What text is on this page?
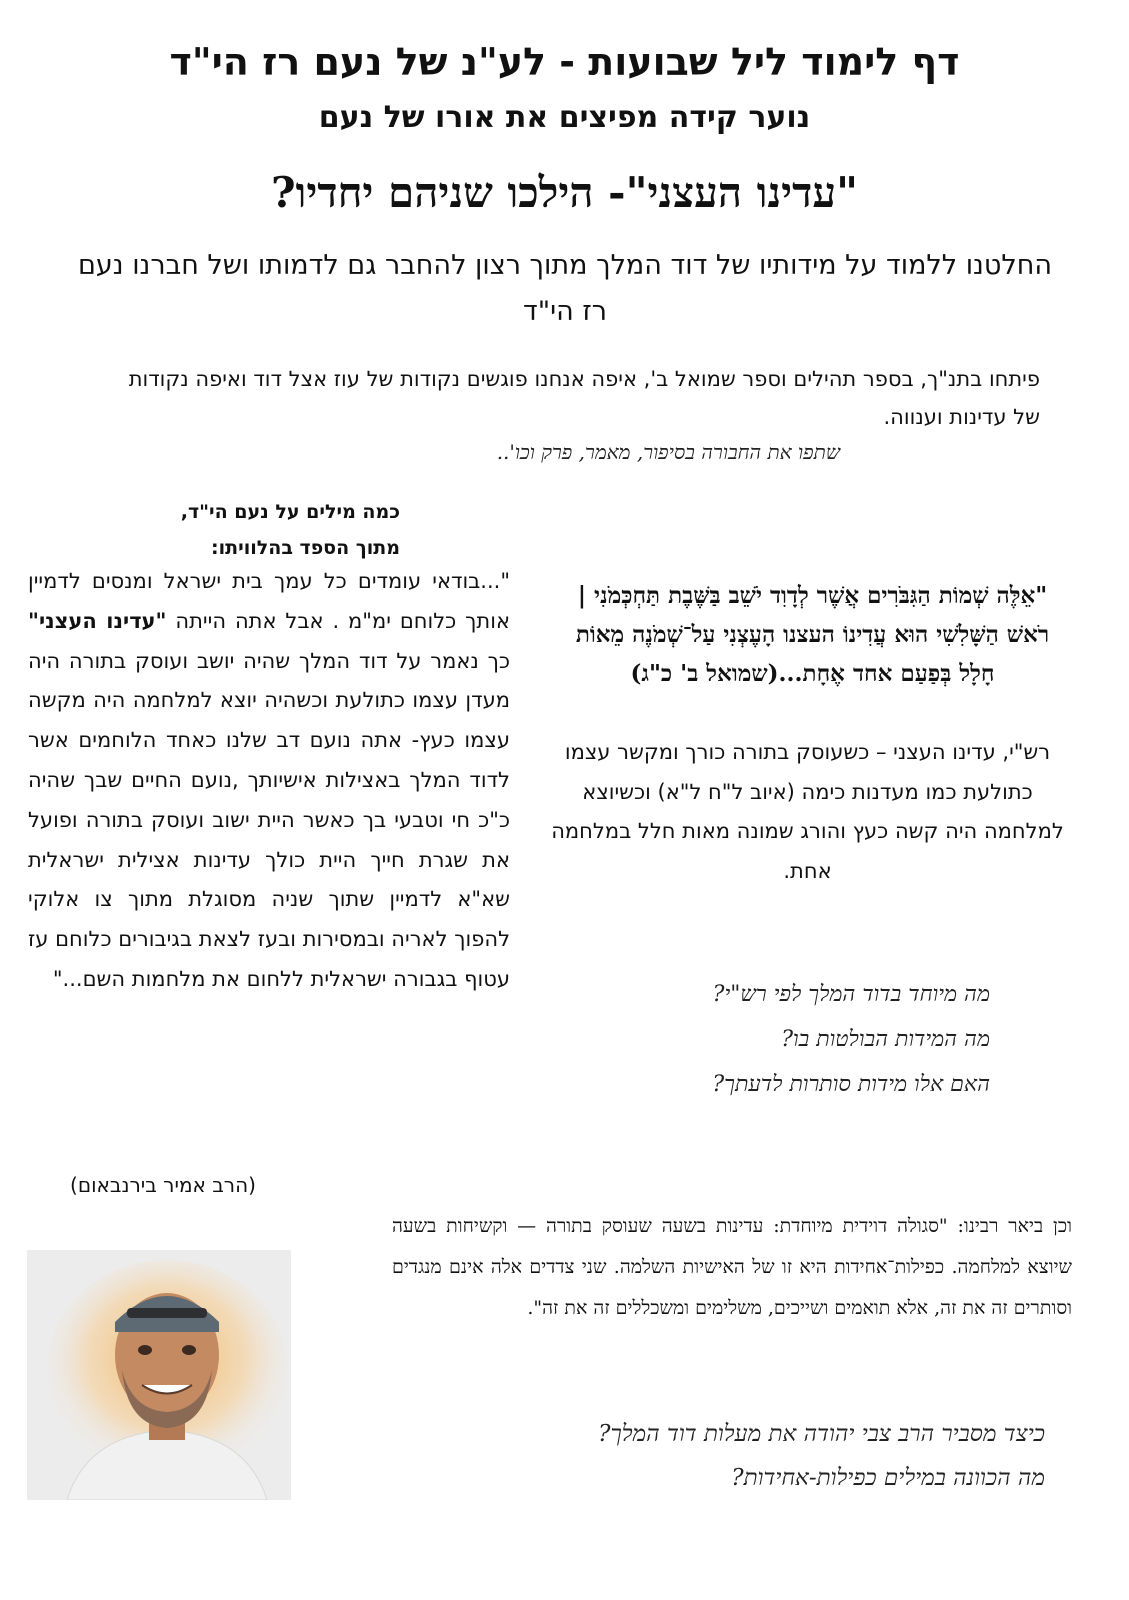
דף לימוד ליל שבועות - לע"נ של נעם רז הי"ד
נוער קידה מפיצים את אורו של נעם
"עדינו העצני"- הילכו שניהם יחדיו?
החלטנו ללמוד על מידותיו של דוד המלך מתוך רצון להחבר גם לדמותו ושל חברנו נעם רז הי"ד
פיתחו בתנ"ך, בספר תהילים וספר שמואל ב', איפה אנחנו פוגשים נקודות של עוז אצל דוד ואיפה נקודות של עדינות וענווה.
שתפו את החבורה בסיפור, מאמר, פרק וכו'..
כמה מילים על נעם הי"ד,
מתוך הספד בהלוויתו:
"...בודאי עומדים כל עמך בית ישראל ומנסים לדמיין אותך כלוחם ימ"מ . אבל אתה הייתה "עדינו העצני" כך נאמר על דוד המלך שהיה יושב ועוסק בתורה היה מעדן עצמו כתולעת וכשהיה יוצא למלחמה היה מקשה עצמו כעץ- אתה נועם דב שלנו כאחד הלוחמים אשר לדוד המלך באצילות אישיותך ,נועם החיים שבך שהיה כ"כ חי וטבעי בך כאשר היית ישוב ועוסק בתורה ופועל את שגרת חייך היית כולך עדינות אצילית ישראלית שא"א לדמיין שתוך שניה מסוגלת מתוך צו אלוקי להפוך לאריה ובמסירות ובעז לצאת בגיבורים כלוחם עז עטוף בגבורה ישראלית ללחום את מלחמות השם..."
(הרב אמיר בירנבאום)
"אֵלֶּה שְׁמוֹת הַגִּבֹּרִים אֲשֶׁר לְדָוִד יֹשֵׁב בַּשֶּׁבֶת תַּחְכְּמֹנִי | רֹאשׁ הַשָּׁלִשִׁי הוּא עֲדִינוֹ העצנו הָעֶצְנִי עַל־שְׁמֹנֶה מֵאוֹת חָלָל בְּפַעַם אחד אֶחָת...(שמואל ב' כ"ג)
רש"י, עדינו העצני – כשעוסק בתורה כורך ומקשר עצמו כתולעת כמו מעדנות כימה (איוב ל"ח ל"א) וכשיוצא למלחמה היה קשה כעץ והורג שמונה מאות חלל במלחמה אחת.
מה מיוחד בדוד המלך לפי רש"י?
מה המידות הבולטות בו?
האם אלו מידות סותרות לדעתך?
וכן ביאר רבינו: "סגולה דוידית מיוחדת: עדינות בשעה שעוסק בתורה — וקשיחות בשעה שיוצא למלחמה. כפילות־אחידות היא זו של האישיות השלמה. שני צדדים אלה אינם מנגדים וסותרים זה את זה, אלא תואמים ושייכים, משלימים ומשכללים זה את זה".
כיצד מסביר הרב צבי יהודה את מעלות דוד המלך?
מה הכוונה במילים כפילות-אחידות?
